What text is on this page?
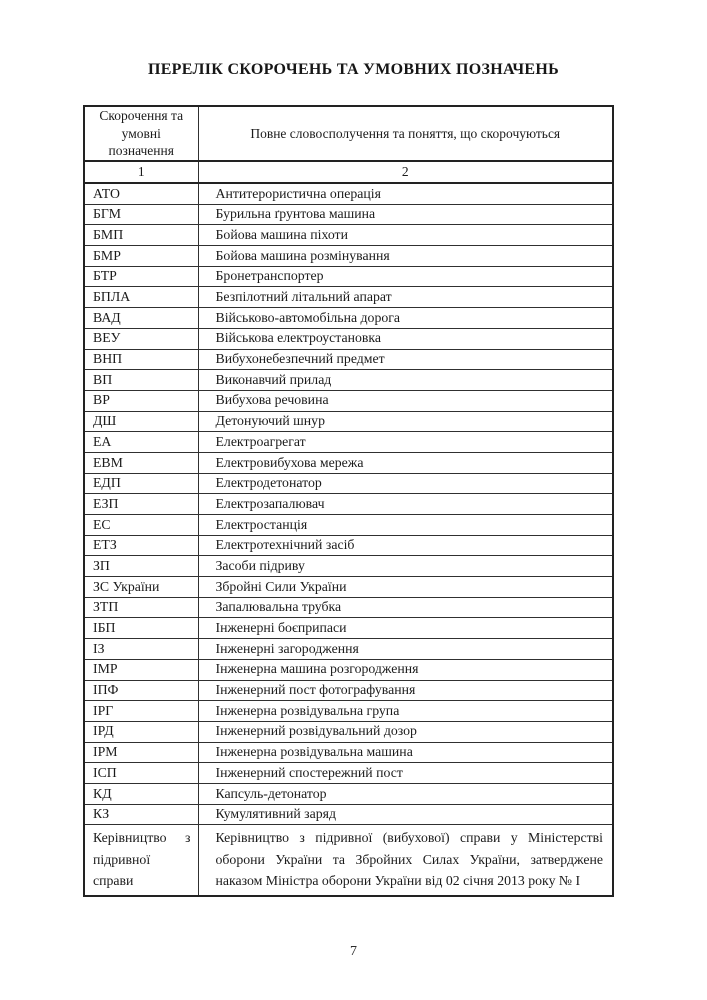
ПЕРЕЛІК СКОРОЧЕНЬ ТА УМОВНИХ ПОЗНАЧЕНЬ
Скорочення та умовні позначення	Повне словосполучення та поняття, що скорочуються
1	2
АТО	Антитерористична операція
БГМ	Бурильна ґрунтова машина
БМП	Бойова машина піхоти
БМР	Бойова машина розмінування
БТР	Бронетранспортер
БПЛА	Безпілотний літальний апарат
ВАД	Військово-автомобільна дорога
ВЕУ	Військова електроустановка
ВНП	Вибухонебезпечний предмет
ВП	Виконавчий прилад
ВР	Вибухова речовина
ДШ	Детонуючий шнур
ЕА	Електроагрегат
ЕВМ	Електровибухова мережа
ЕДП	Електродетонатор
ЕЗП	Електрозапалювач
ЕС	Електростанція
ЕТЗ	Електротехнічний засіб
ЗП	Засоби підриву
ЗС України	Збройні Сили України
ЗТП	Запалювальна трубка
ІБП	Інженерні боєприпаси
ІЗ	Інженерні загородження
ІМР	Інженерна машина розгородження
ІПФ	Інженерний пост фотографування
ІРГ	Інженерна розвідувальна група
ІРД	Інженерний розвідувальний дозор
ІРМ	Інженерна розвідувальна машина
ІСП	Інженерний спостережний пост
КД	Капсуль-детонатор
КЗ	Кумулятивний заряд
Керівництво з підривної справи	Керівництво з підривної (вибухової) справи у Міністерстві оборони України та Збройних Силах України, затверджене наказом Міністра оборони України від 02 січня 2013 року № І
7
